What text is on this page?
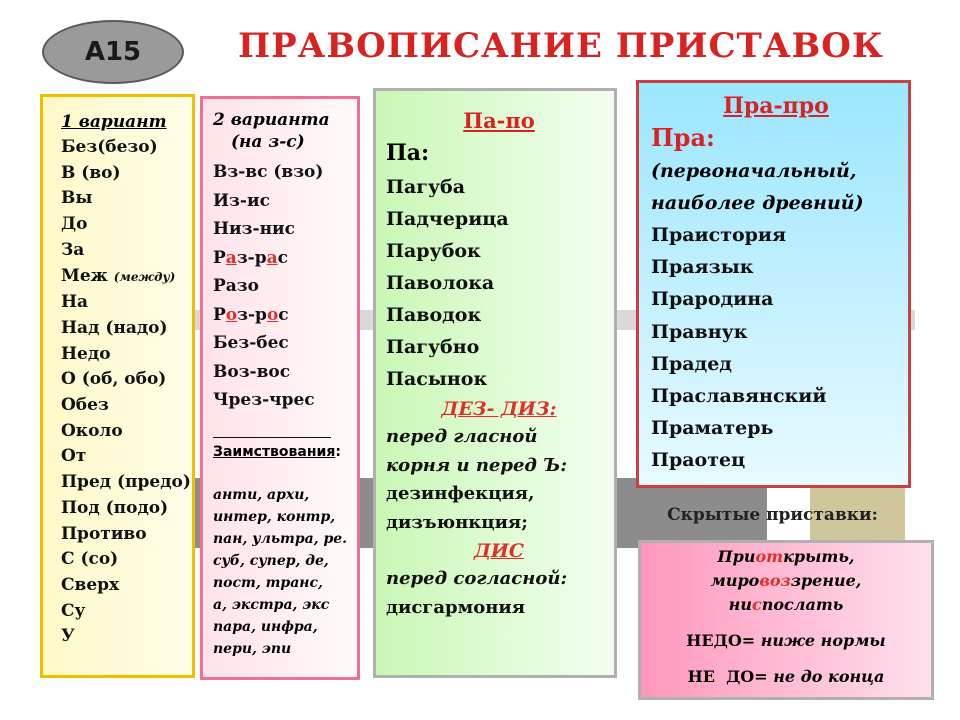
А15	ПРАВОПИСАНИЕ ПРИСТАВОК
1 вариант
Без(безо)
В (во)
Вы
До
За
Меж (между)
На
Над (надо)
Недо
О (об, обо)
Обез
Около
От
Пред (предо)
Под (подо)
Противо
С (со)
Сверх
Су
У
2 варианта
(на з-с)
Вз-вс (взо)
Из-ис
Низ-нис
Раз-рас
Разо
Роз-рос
Без-бес
Воз-вос
Чрез-чрес
Заимствования:
анти, архи,
интер, контр,
пан, ультра, ре.
суб, супер, де,
пост, транс,
а, экстра, экс
пара, инфра,
пери, эпи
Па-по
Па:
Пагуба
Падчерица
Парубок
Паволока
Паводок
Пагубно
Пасынок
ДЕЗ- ДИЗ:
перед гласной
корня и перед Ъ:
дезинфекция,
дизъюнкция;
ДИС
перед согласной:
дисгармония
Пра-про
Пра:
(первоначальный,
наиболее древний)
Праистория
Праязык
Прародина
Правнук
Прадед
Праславянский
Праматерь
Праотец
Скрытые приставки:
Приоткрыть,
мировоззрение,
ниспослать
НЕДО= ниже нормы
НЕ  ДО= не до конца
